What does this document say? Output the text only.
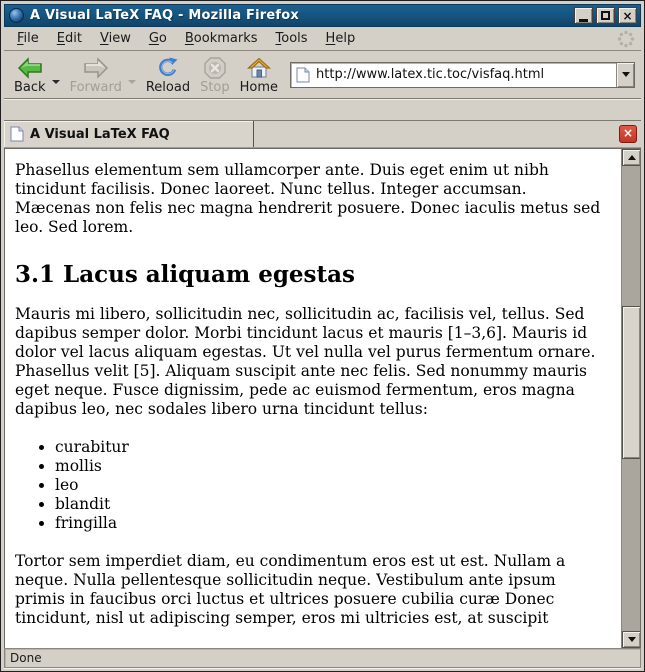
A Visual LaTeX FAQ - Mozilla Firefox	×
File	Edit	View	Go	Bookmarks	Tools	Help
Back Forward Reload Stop Home
http://www.latex.tic.toc/visfaq.html
A Visual LaTeX FAQ	×

Phasellus elementum sem ullamcorper ante. Duis eget enim ut nibh tincidunt facilisis. Donec laoreet. Nunc tellus. Integer accumsan. Mæcenas non felis nec magna hendrerit posuere. Donec iaculis metus sed leo. Sed lorem.

3.1 Lacus aliquam egestas

Mauris mi libero, sollicitudin nec, sollicitudin ac, facilisis vel, tellus. Sed dapibus semper dolor. Morbi tincidunt lacus et mauris [1–3,6]. Mauris id dolor vel lacus aliquam egestas. Ut vel nulla vel purus fermentum ornare. Phasellus velit [5]. Aliquam suscipit ante nec felis. Sed nonummy mauris eget neque. Fusce dignissim, pede ac euismod fermentum, eros magna dapibus leo, nec sodales libero urna tincidunt tellus:

• curabitur
• mollis
• leo
• blandit
• fringilla

Tortor sem imperdiet diam, eu condimentum eros est ut est. Nullam a neque. Nulla pellentesque sollicitudin neque. Vestibulum ante ipsum primis in faucibus orci luctus et ultrices posuere cubilia curæ Donec tincidunt, nisl ut adipiscing semper, eros mi ultricies est, at suscipit

Done
